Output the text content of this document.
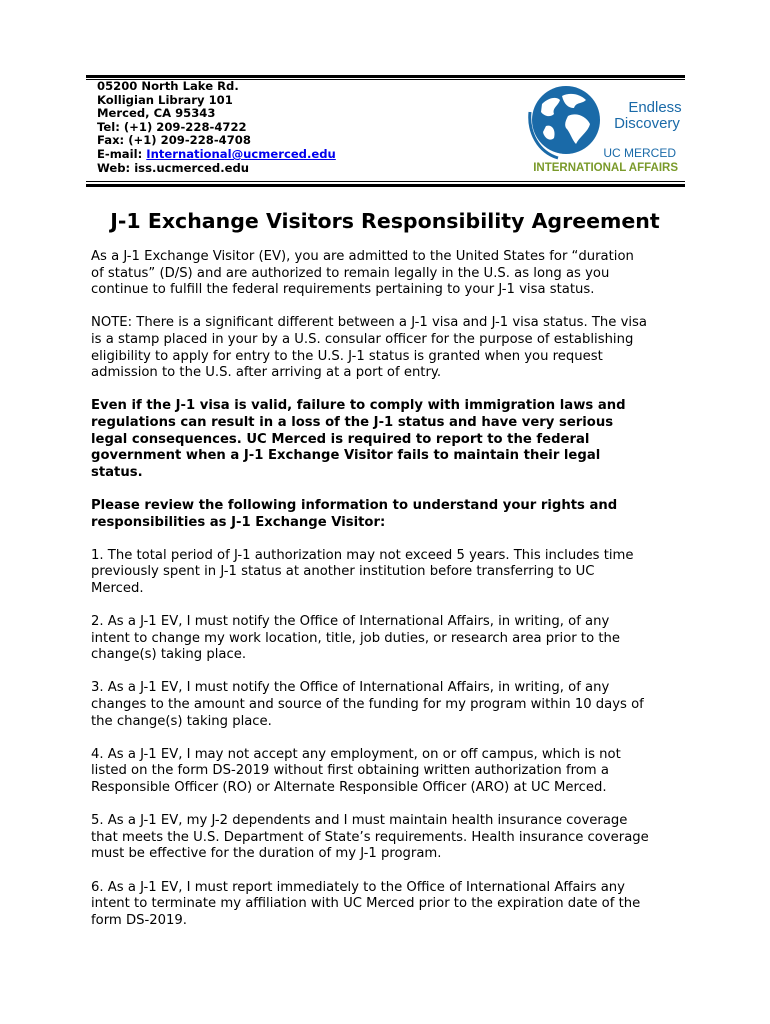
05200 North Lake Rd.
Kolligian Library 101
Merced, CA 95343
Tel: (+1) 209-228-4722
Fax: (+1) 209-228-4708
E-mail: International@ucmerced.edu
Web: iss.ucmerced.edu
Endless
Discovery
UC MERCED
INTERNATIONAL AFFAIRS
J-1 Exchange Visitors Responsibility Agreement

As a J-1 Exchange Visitor (EV), you are admitted to the United States for “duration
of status” (D/S) and are authorized to remain legally in the U.S. as long as you
continue to fulfill the federal requirements pertaining to your J-1 visa status.

NOTE: There is a significant different between a J-1 visa and J-1 visa status. The visa
is a stamp placed in your by a U.S. consular officer for the purpose of establishing
eligibility to apply for entry to the U.S. J-1 status is granted when you request
admission to the U.S. after arriving at a port of entry.

Even if the J-1 visa is valid, failure to comply with immigration laws and
regulations can result in a loss of the J-1 status and have very serious
legal consequences. UC Merced is required to report to the federal
government when a J-1 Exchange Visitor fails to maintain their legal
status.

Please review the following information to understand your rights and
responsibilities as J-1 Exchange Visitor:

1. The total period of J-1 authorization may not exceed 5 years. This includes time
previously spent in J-1 status at another institution before transferring to UC
Merced.

2. As a J-1 EV, I must notify the Office of International Affairs, in writing, of any
intent to change my work location, title, job duties, or research area prior to the
change(s) taking place.

3. As a J-1 EV, I must notify the Office of International Affairs, in writing, of any
changes to the amount and source of the funding for my program within 10 days of
the change(s) taking place.

4. As a J-1 EV, I may not accept any employment, on or off campus, which is not
listed on the form DS-2019 without first obtaining written authorization from a
Responsible Officer (RO) or Alternate Responsible Officer (ARO) at UC Merced.

5. As a J-1 EV, my J-2 dependents and I must maintain health insurance coverage
that meets the U.S. Department of State’s requirements. Health insurance coverage
must be effective for the duration of my J-1 program.

6. As a J-1 EV, I must report immediately to the Office of International Affairs any
intent to terminate my affiliation with UC Merced prior to the expiration date of the
form DS-2019.
